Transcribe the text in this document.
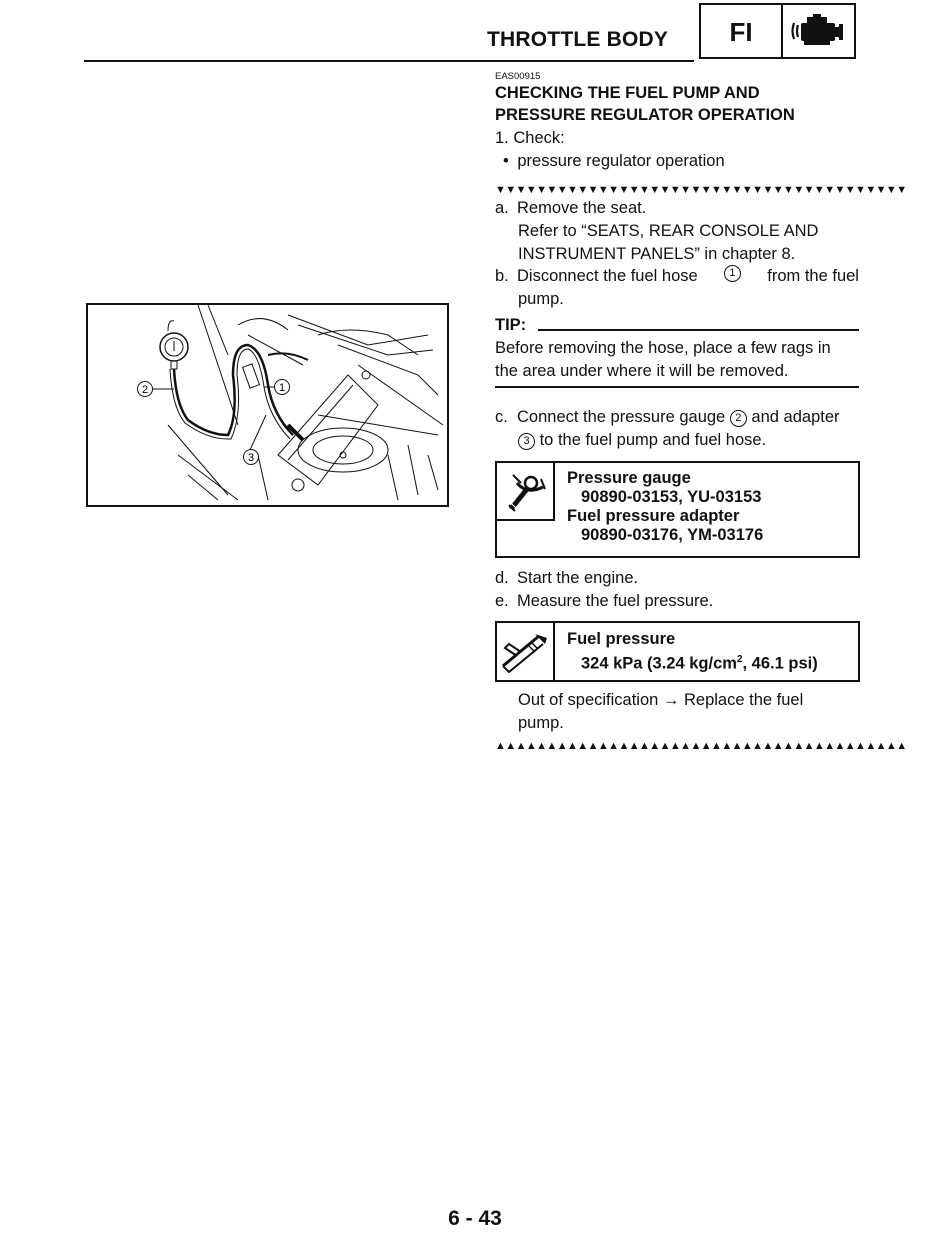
THROTTLE BODY	FI
EAS00915
CHECKING THE FUEL PUMP AND
PRESSURE REGULATOR OPERATION
1. Check:
• pressure regulator operation
▼▼▼▼▼▼▼▼▼▼▼▼▼▼▼▼▼▼▼▼▼▼▼▼▼▼▼▼▼▼▼▼▼▼▼▼▼▼▼▼
a. Remove the seat.
Refer to “SEATS, REAR CONSOLE AND
INSTRUMENT PANELS” in chapter 8.
b. Disconnect the fuel hose	1	from the fuel
pump.
TIP:
Before removing the hose, place a few rags in
the area under where it will be removed.
c. Connect the pressure gauge 2 and adapter
3 to the fuel pump and fuel hose.
Pressure gauge
90890-03153, YU-03153
Fuel pressure adapter
90890-03176, YM-03176
d. Start the engine.
e. Measure the fuel pressure.
Fuel pressure
324 kPa (3.24 $kg/cm^2$, 46.1 psi)
Out of specification → Replace the fuel
pump.
▲▲▲▲▲▲▲▲▲▲▲▲▲▲▲▲▲▲▲▲▲▲▲▲▲▲▲▲▲▲▲▲▲▲▲▲▲▲▲▲
2	1
3
6 - 43
